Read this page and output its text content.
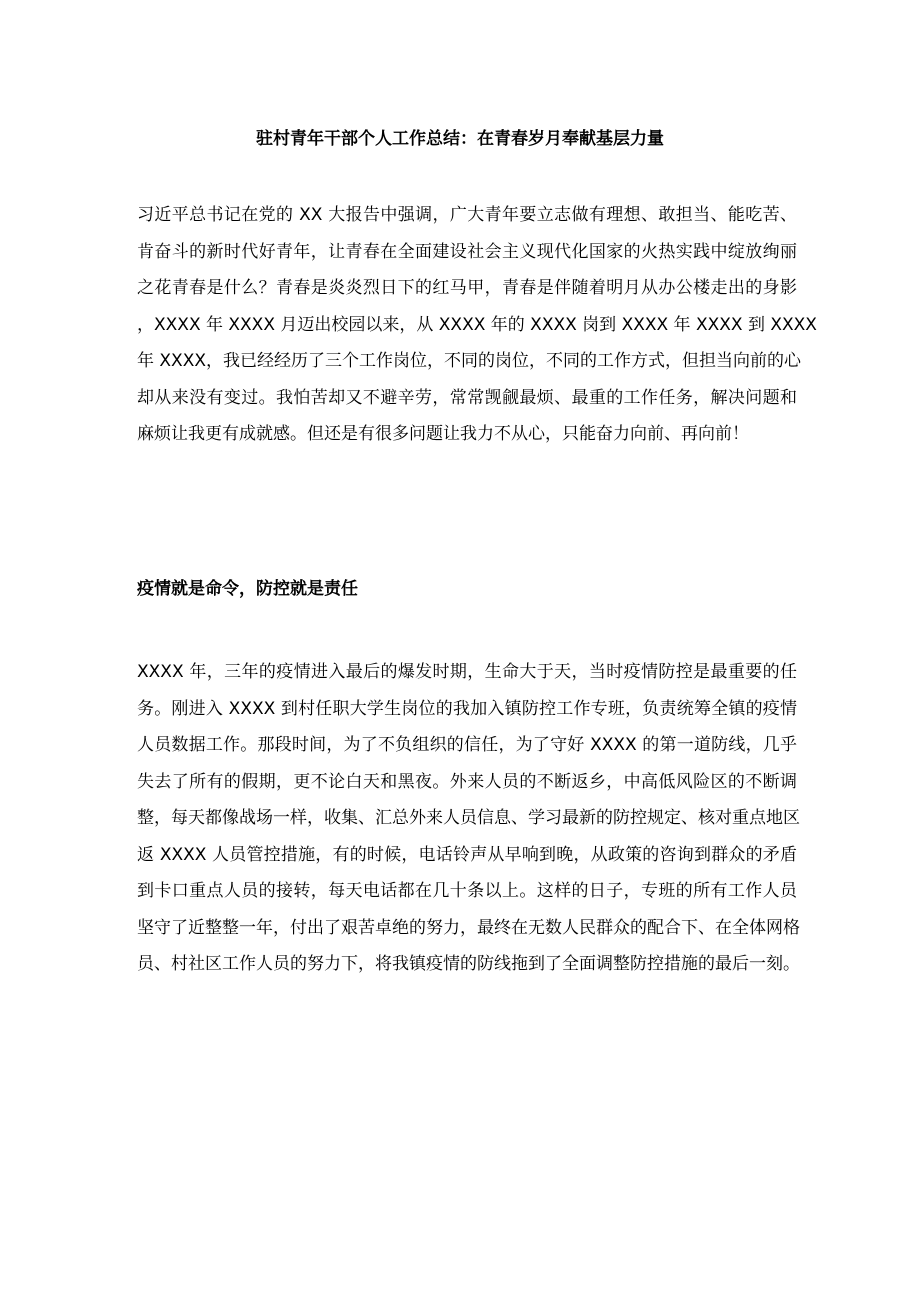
驻村青年干部个人工作总结：在青春岁月奉献基层力量
习近平总书记在党的 XX 大报告中强调，广大青年要立志做有理想、敢担当、能吃苦、
肯奋斗的新时代好青年，让青春在全面建设社会主义现代化国家的火热实践中绽放绚丽
之花青春是什么？青春是炎炎烈日下的红马甲，青春是伴随着明月从办公楼走出的身影
，XXXX 年 XXXX 月迈出校园以来，从 XXXX 年的 XXXX 岗到 XXXX 年 XXXX 到 XXXX
年 XXXX，我已经经历了三个工作岗位，不同的岗位，不同的工作方式，但担当向前的心
却从来没有变过。我怕苦却又不避辛劳，常常觊觎最烦、最重的工作任务，解决问题和
麻烦让我更有成就感。但还是有很多问题让我力不从心，只能奋力向前、再向前！
疫情就是命令，防控就是责任
XXXX 年，三年的疫情进入最后的爆发时期，生命大于天，当时疫情防控是最重要的任
务。刚进入 XXXX 到村任职大学生岗位的我加入镇防控工作专班，负责统筹全镇的疫情
人员数据工作。那段时间，为了不负组织的信任，为了守好 XXXX 的第一道防线，几乎
失去了所有的假期，更不论白天和黑夜。外来人员的不断返乡，中高低风险区的不断调
整，每天都像战场一样，收集、汇总外来人员信息、学习最新的防控规定、核对重点地区
返 XXXX 人员管控措施，有的时候，电话铃声从早响到晚，从政策的咨询到群众的矛盾
到卡口重点人员的接转，每天电话都在几十条以上。这样的日子，专班的所有工作人员
坚守了近整整一年，付出了艰苦卓绝的努力，最终在无数人民群众的配合下、在全体网格
员、村社区工作人员的努力下，将我镇疫情的防线拖到了全面调整防控措施的最后一刻。
